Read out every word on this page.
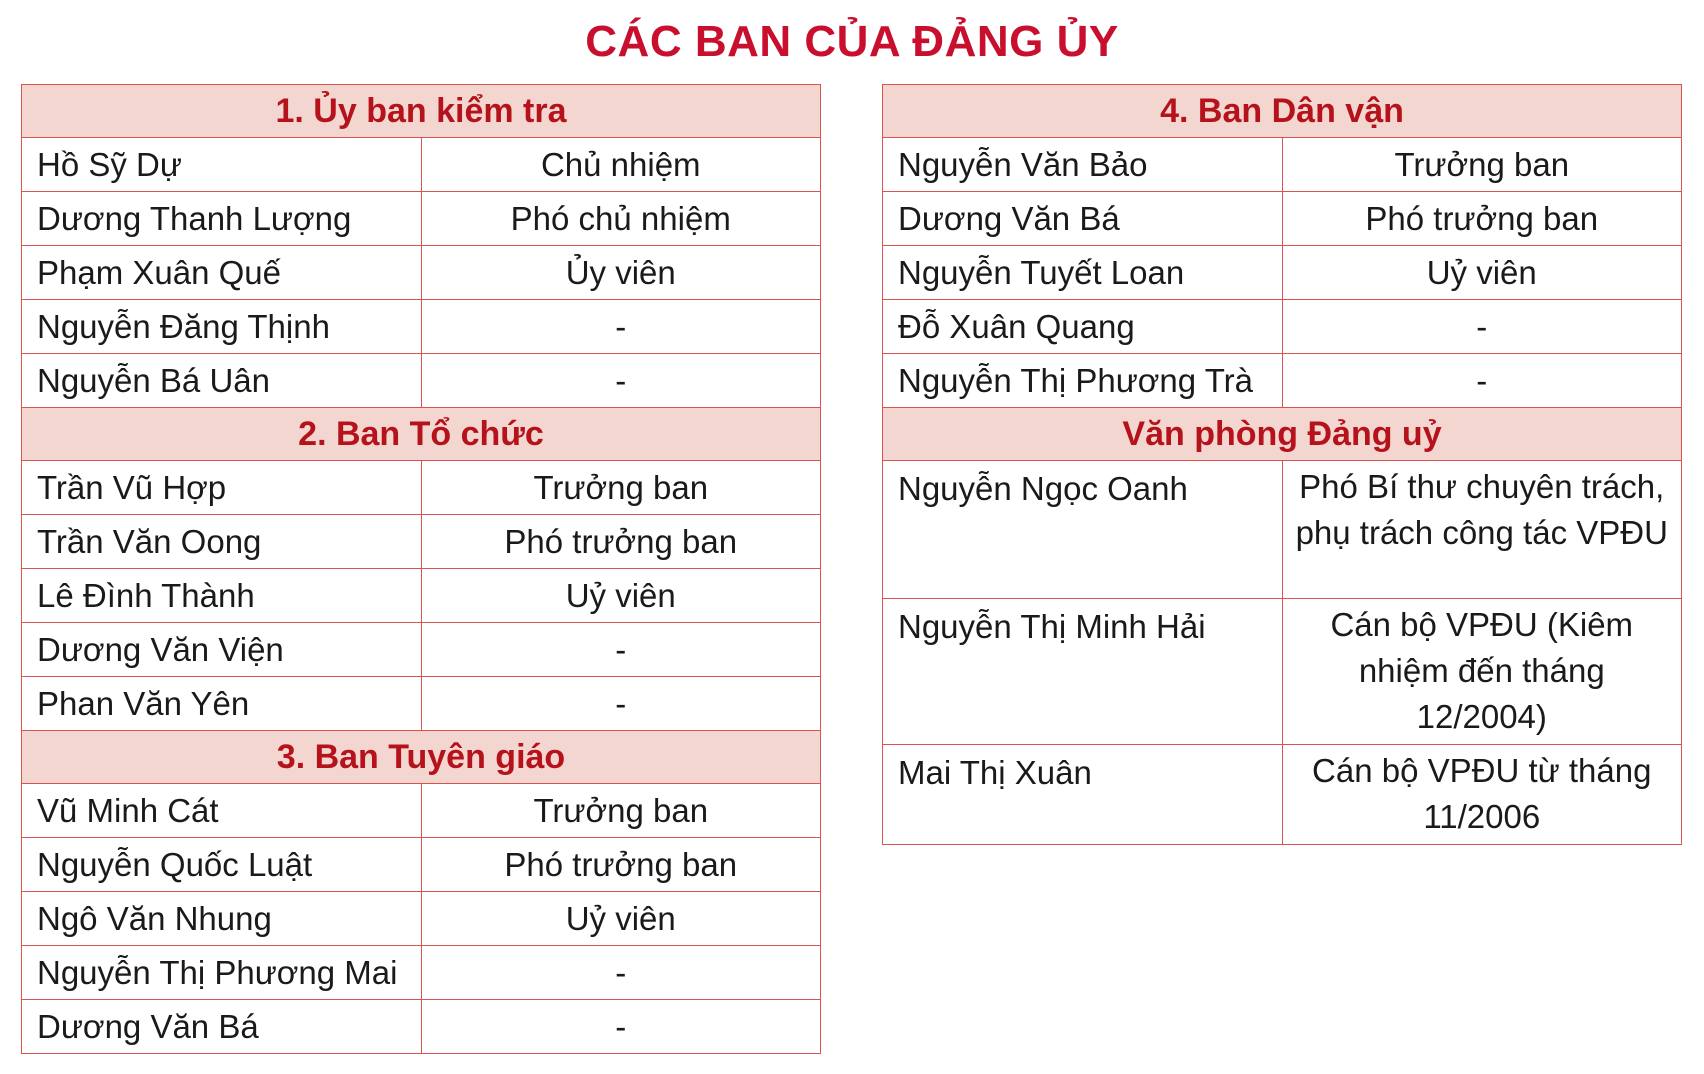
CÁC BAN CỦA ĐẢNG ỦY
1. Ủy ban kiểm tra	
Hồ Sỹ Dự	Chủ nhiệm
Dương Thanh Lượng	Phó chủ nhiệm
Phạm Xuân Quế	Ủy viên
Nguyễn Đăng Thịnh	-
Nguyễn Bá Uân	-
2. Ban Tổ chức	
Trần Vũ Hợp	Trưởng ban
Trần Văn Oong	Phó trưởng ban
Lê Đình Thành	Uỷ viên
Dương Văn Viện	-
Phan Văn Yên	-
3. Ban Tuyên giáo	
Vũ Minh Cát	Trưởng ban
Nguyễn Quốc Luật	Phó trưởng ban
Ngô Văn Nhung	Uỷ viên
Nguyễn Thị Phương Mai	-
Dương Văn Bá	-
4. Ban Dân vận	
Nguyễn Văn Bảo	Trưởng ban
Dương Văn Bá	Phó trưởng ban
Nguyễn Tuyết Loan	Uỷ viên
Đỗ Xuân Quang	-
Nguyễn Thị Phương Trà	-
Văn phòng Đảng uỷ	
Nguyễn Ngọc Oanh	Phó Bí thư chuyên trách, phụ trách công tác VPĐU
Nguyễn Thị Minh Hải	Cán bộ VPĐU (Kiêm nhiệm đến tháng 12/2004)
Mai Thị Xuân	Cán bộ VPĐU từ tháng 11/2006
